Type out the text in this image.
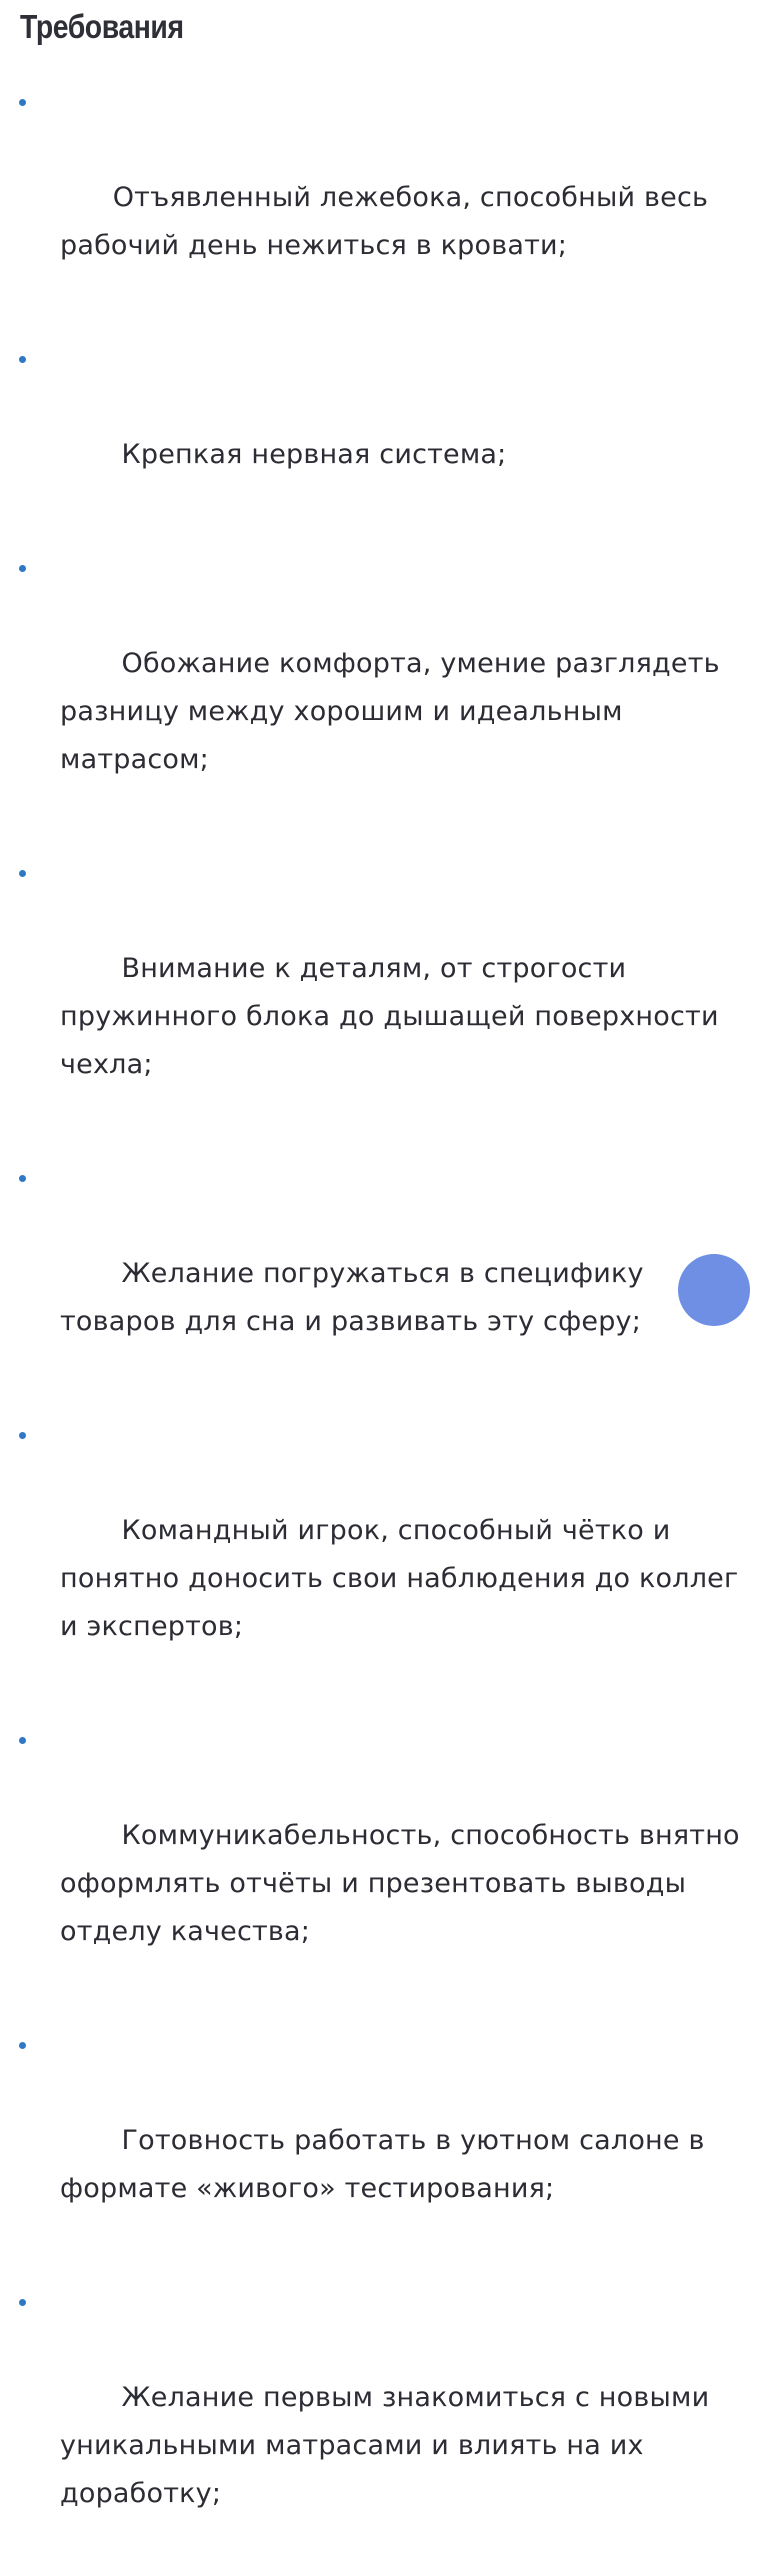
Требования

Отъявленный лежебока, способный весь рабочий день нежиться в кровати;

Крепкая нервная система;

Обожание комфорта, умение разглядеть разницу между хорошим и идеальным матрасом;

Внимание к деталям, от строгости пружинного блока до дышащей поверхности чехла;

Желание погружаться в специфику товаров для сна и развивать эту сферу;

Командный игрок, способный чётко и понятно доносить свои наблюдения до коллег и экспертов;

Коммуникабельность, способность внятно оформлять отчёты и презентовать выводы отделу качества;

Готовность работать в уютном салоне в формате «живого» тестирования;

Желание первым знакомиться с новыми уникальными матрасами и влиять на их доработку;
